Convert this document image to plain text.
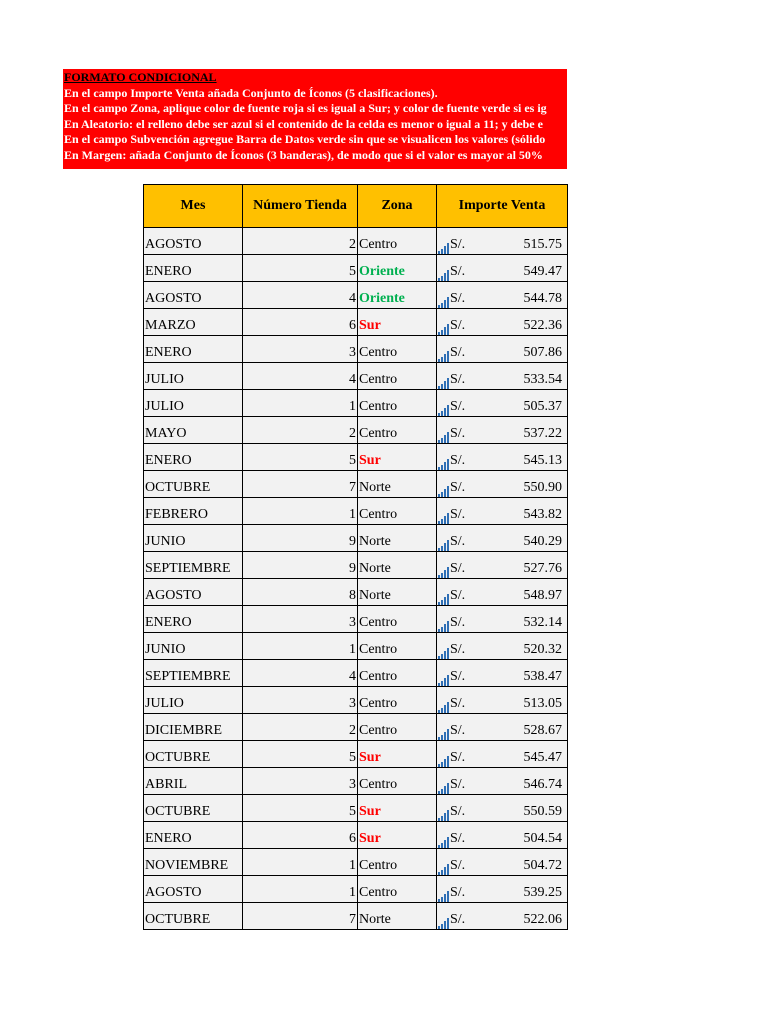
FORMATO CONDICIONAL
En el campo Importe Venta añada Conjunto de Íconos (5 clasificaciones).
En el campo Zona, aplique color de fuente roja si es igual a Sur; y color de fuente verde si es ig
En Aleatorio: el relleno debe ser azul si el contenido de la celda es menor o igual a 11; y debe e
En el campo Subvención agregue Barra de Datos verde sin que se visualicen los valores (sólido
En Margen: añada Conjunto de Íconos (3 banderas), de modo que si el valor es mayor al 50%
Mes	Número Tienda	Zona	Importe Venta
AGOSTO	2	Centro	S/. 515.75

ENERO	5	Oriente	S/. 549.47

AGOSTO	4	Oriente	S/. 544.78

MARZO	6	Sur	S/. 522.36

ENERO	3	Centro	S/. 507.86

JULIO	4	Centro	S/. 533.54

JULIO	1	Centro	S/. 505.37

MAYO	2	Centro	S/. 537.22

ENERO	5	Sur	S/. 545.13

OCTUBRE	7	Norte	S/. 550.90

FEBRERO	1	Centro	S/. 543.82

JUNIO	9	Norte	S/. 540.29

SEPTIEMBRE	9	Norte	S/. 527.76

AGOSTO	8	Norte	S/. 548.97

ENERO	3	Centro	S/. 532.14

JUNIO	1	Centro	S/. 520.32

SEPTIEMBRE	4	Centro	S/. 538.47

JULIO	3	Centro	S/. 513.05

DICIEMBRE	2	Centro	S/. 528.67

OCTUBRE	5	Sur	S/. 545.47

ABRIL	3	Centro	S/. 546.74

OCTUBRE	5	Sur	S/. 550.59

ENERO	6	Sur	S/. 504.54

NOVIEMBRE	1	Centro	S/. 504.72

AGOSTO	1	Centro	S/. 539.25

OCTUBRE	7	Norte	S/. 522.06
